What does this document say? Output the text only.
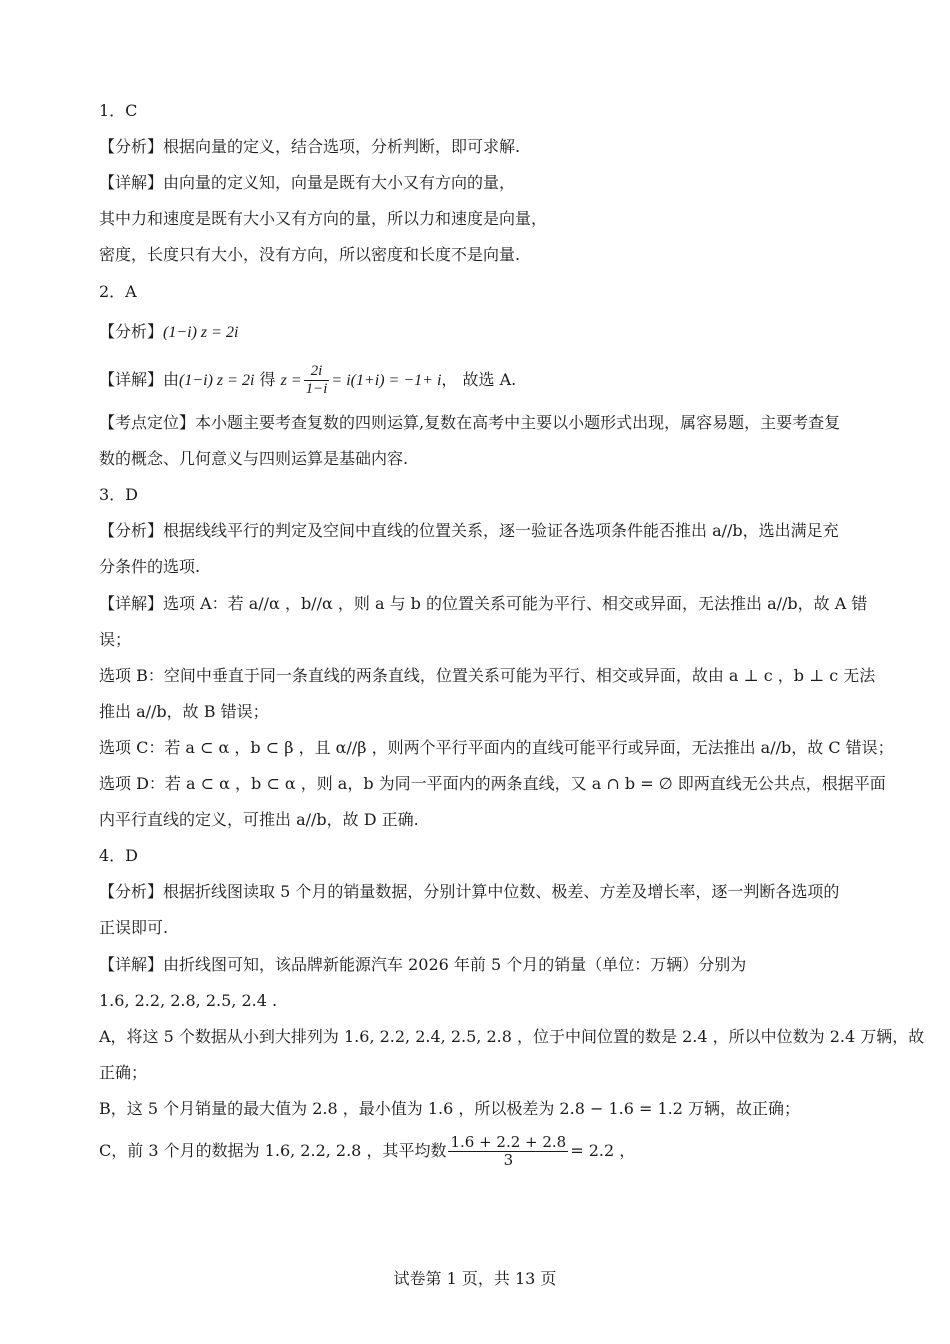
1．C
【分析】根据向量的定义，结合选项，分析判断，即可求解.
【详解】由向量的定义知，向量是既有大小又有方向的量，
其中力和速度是既有大小又有方向的量，所以力和速度是向量，
密度，长度只有大小，没有方向，所以密度和长度不是向量.
2．A
【分析】(1−i) z = 2i
【详解】由(1−i) z = 2i 得 $z = \frac{2i}{1-i} = i(1+i) = -1+ i$， 故选 A.
【考点定位】本小题主要考查复数的四则运算,复数在高考中主要以小题形式出现，属容易题，主要考查复
数的概念、几何意义与四则运算是基础内容.
3．D
【分析】根据线线平行的判定及空间中直线的位置关系，逐一验证各选项条件能否推出 a//b，选出满足充
分条件的选项.
【详解】选项 A：若 a//α ，b//α ，则 a 与 b 的位置关系可能为平行、相交或异面，无法推出 a//b，故 A 错
误；
选项 B：空间中垂直于同一条直线的两条直线，位置关系可能为平行、相交或异面，故由 a ⊥ c ，b ⊥ c 无法
推出 a//b，故 B 错误；
选项 C：若 a ⊂ α ，b ⊂ β ，且 α//β ，则两个平行平面内的直线可能平行或异面，无法推出 a//b，故 C 错误；
选项 D：若 a ⊂ α ，b ⊂ α ，则 a，b 为同一平面内的两条直线，又 a ∩ b = ∅ 即两直线无公共点，根据平面
内平行直线的定义，可推出 a//b，故 D 正确.
4．D
【分析】根据折线图读取 5 个月的销量数据，分别计算中位数、极差、方差及增长率，逐一判断各选项的
正误即可.
【详解】由折线图可知，该品牌新能源汽车 2026 年前 5 个月的销量（单位：万辆）分别为
1.6, 2.2, 2.8, 2.5, 2.4 .
A，将这 5 个数据从小到大排列为 1.6, 2.2, 2.4, 2.5, 2.8 ，位于中间位置的数是 2.4 ，所以中位数为 2.4 万辆，故
正确；
B，这 5 个月销量的最大值为 2.8 ，最小值为 1.6 ，所以极差为 2.8 − 1.6 = 1.2 万辆，故正确；
C，前 3 个月的数据为 1.6, 2.2, 2.8 ，其平均数 $\frac{1.6 + 2.2 + 2.8}{3} = 2.2$ ，
试卷第 1 页，共 13 页
